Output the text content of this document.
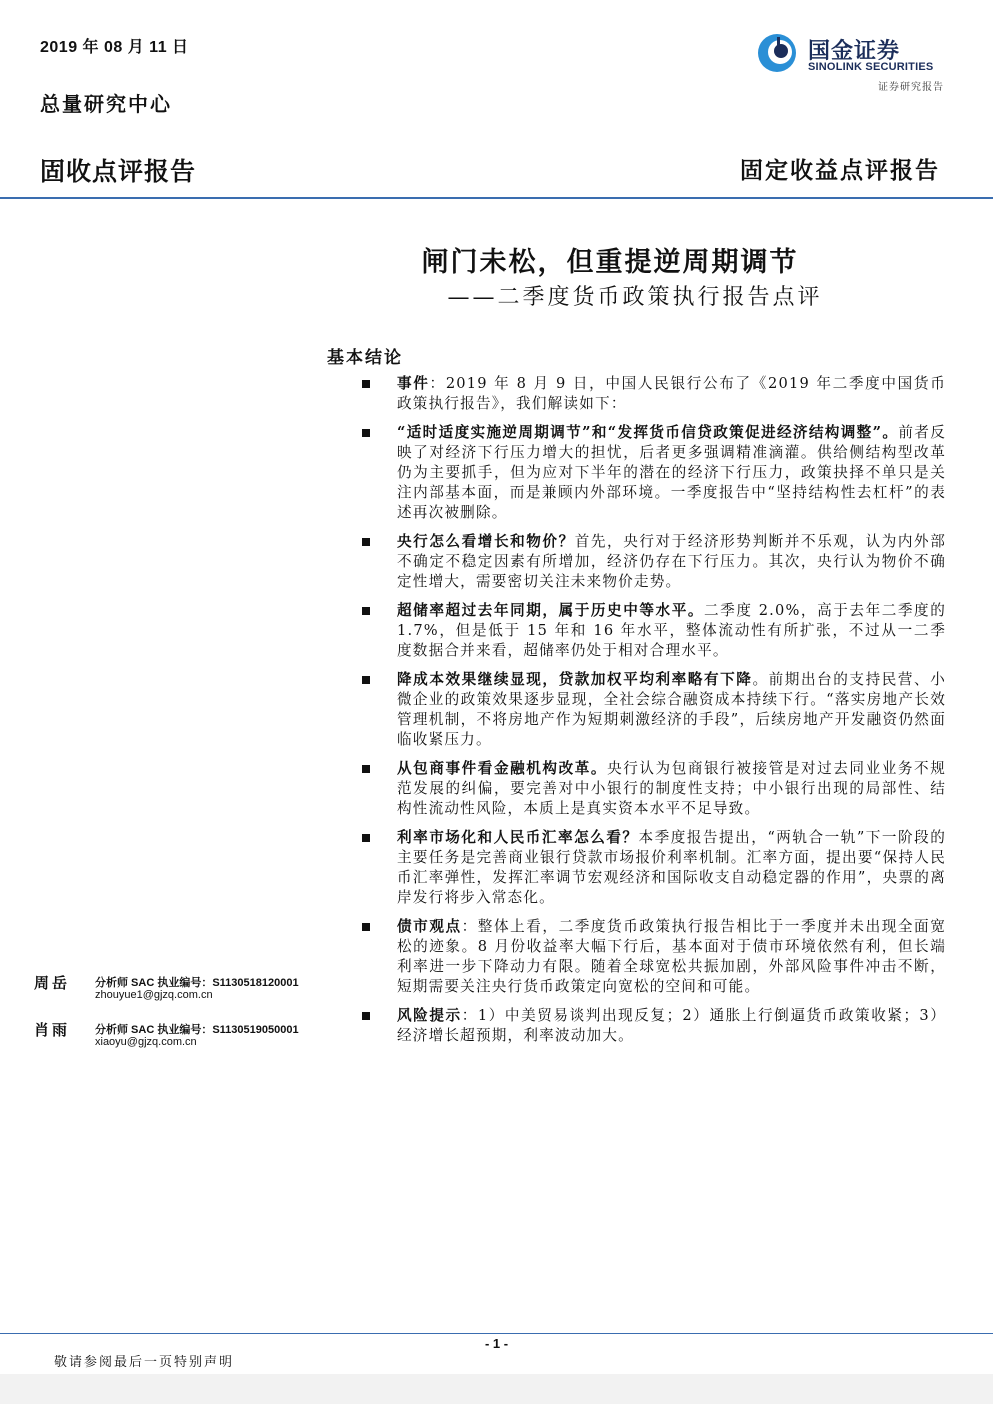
2019 年 08 月 11 日
总量研究中心
国金证券
SINOLINK SECURITIES
证券研究报告
固收点评报告	固定收益点评报告
闸门未松，但重提逆周期调节
——二季度货币政策执行报告点评
基本结论
事件：2019 年 8 月 9 日，中国人民银行公布了《2019 年二季度中国货币政策执行报告》，我们解读如下：
“适时适度实施逆周期调节”和“发挥货币信贷政策促进经济结构调整”。前者反映了对经济下行压力增大的担忧，后者更多强调精准滴灌。供给侧结构型改革仍为主要抓手，但为应对下半年的潜在的经济下行压力，政策抉择不单只是关注内部基本面，而是兼顾内外部环境。一季度报告中“坚持结构性去杠杆”的表述再次被删除。
央行怎么看增长和物价？首先，央行对于经济形势判断并不乐观，认为内外部不确定不稳定因素有所增加，经济仍存在下行压力。其次，央行认为物价不确定性增大，需要密切关注未来物价走势。
超储率超过去年同期，属于历史中等水平。二季度 2.0%，高于去年二季度的 1.7%，但是低于 15 年和 16 年水平，整体流动性有所扩张，不过从一二季度数据合并来看，超储率仍处于相对合理水平。
降成本效果继续显现，贷款加权平均利率略有下降。前期出台的支持民营、小微企业的政策效果逐步显现，全社会综合融资成本持续下行。“落实房地产长效管理机制，不将房地产作为短期刺激经济的手段”，后续房地产开发融资仍然面临收紧压力。
从包商事件看金融机构改革。央行认为包商银行被接管是对过去同业业务不规范发展的纠偏，要完善对中小银行的制度性支持；中小银行出现的局部性、结构性流动性风险，本质上是真实资本水平不足导致。
利率市场化和人民币汇率怎么看？本季度报告提出，“两轨合一轨”下一阶段的主要任务是完善商业银行贷款市场报价利率机制。汇率方面，提出要“保持人民币汇率弹性，发挥汇率调节宏观经济和国际收支自动稳定器的作用”，央票的离岸发行将步入常态化。
债市观点：整体上看，二季度货币政策执行报告相比于一季度并未出现全面宽松的迹象。8 月份收益率大幅下行后，基本面对于债市环境依然有利，但长端利率进一步下降动力有限。随着全球宽松共振加剧，外部风险事件冲击不断，短期需要关注央行货币政策定向宽松的空间和可能。
风险提示：1）中美贸易谈判出现反复；2）通胀上行倒逼货币政策收紧；3）经济增长超预期，利率波动加大。
周岳 分析师 SAC 执业编号：S1130518120001
zhouyue1@gjzq.com.cn
肖雨 分析师 SAC 执业编号：S1130519050001
xiaoyu@gjzq.com.cn
- 1 -
敬请参阅最后一页特别声明
